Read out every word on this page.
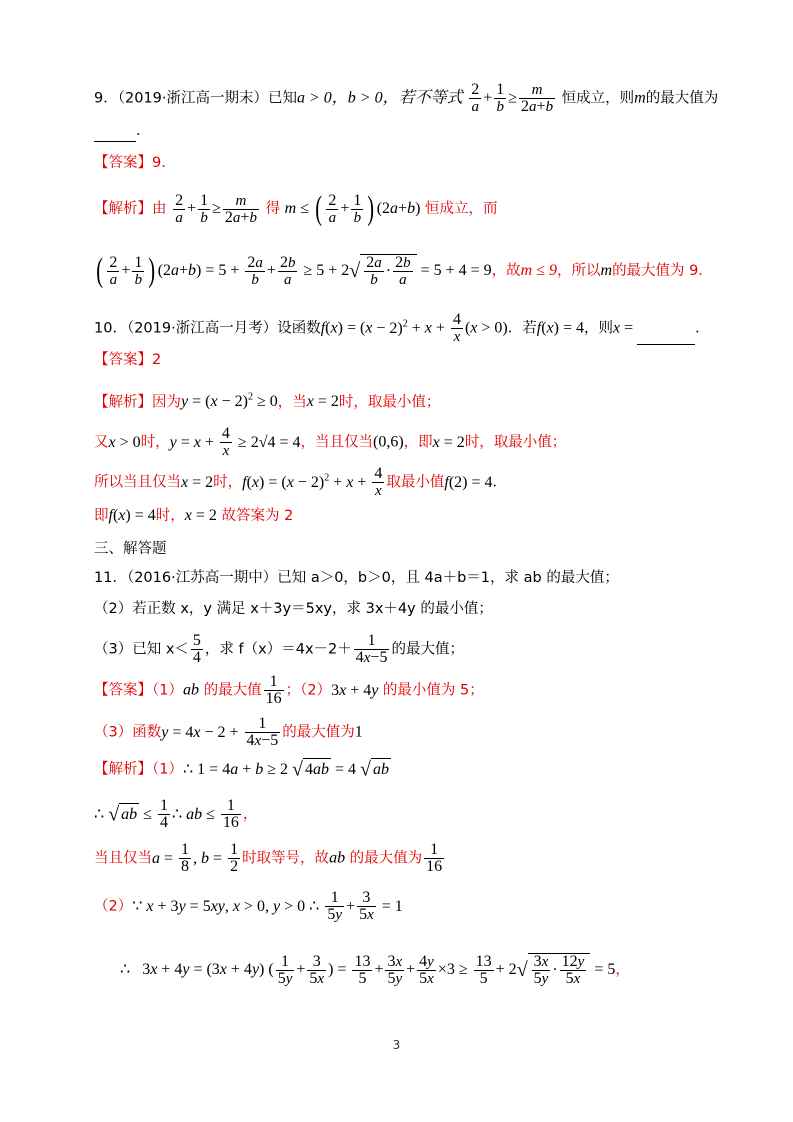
9．（2019·浙江高一期末）已知a > 0，b > 0，若不等式 $\frac{2}{a} + \frac{1}{b} \ge \frac{m}{2a+b}$ 恒成立，则m的最大值为
．
【答案】9.
【解析】由 $\frac{2}{a} + \frac{1}{b} \ge \frac{m}{2a+b}$ 得 m ≤ ( $\frac{2}{a} + \frac{1}{b}$ ) (2a+b) 恒成立，而
( $\frac{2}{a} + \frac{1}{b}$ ) $(2a+b) = 5 + \frac{2a}{b} + \frac{2b}{a} \ge 5 + 2√ \frac{2a}{b} \cdot \frac{2b}{a} = 5 + 4 = 9$，故m ≤ 9，所以m的最大值为 9．
10．（2019·浙江高一月考）设函数$f(x) = (x - 2)^2 + x + \frac{4}{x} (x > 0)$．若f(x) = 4，则x =	．
【答案】2
【解析】因为$y = (x - 2)^2 \ge 0$，当x = 2时，取最小值；
又x > 0时，$y = x + \frac{4}{x} \ge 2√4 = 4$，当且仅当(0,6)，即x = 2时，取最小值；
所以当且仅当x = 2时，$f(x) = (x - 2)^2 + x + \frac{4}{x}$ 取最小值f(2) = 4．
即f(x) = 4时，x = 2 故答案为 2
三、解答题
11．（2016·江苏高一期中）已知 a＞0，b＞0，且 4a＋b＝1，求 ab 的最大值；
（2）若正数 x，y 满足 x＋3y＝5xy，求 3x＋4y 的最小值；
（3）已知 $x< \frac{5}{4}$ ，求 $f(x)=4x-2+ \frac{1}{4x-5}$ 的最大值；
【答案】（1）ab 的最大值 $\frac{1}{16}$ ；（2）3x + 4y 的最小值为 5；
（3）函数$y = 4x - 2 + \frac{1}{4x-5}$ 的最大值为1
【解析】（1）∴ 1 = 4a + b ≥ 2 √ 4ab = 4 √ ab
∴ √ ab ≤ $\frac{1}{4}$ ∴ ab ≤ $\frac{1}{16}$ ，
当且仅当$a = \frac{1}{8}$ , $b = \frac{1}{2}$ 时取等号，故ab 的最大值为 $\frac{1}{16}$
（2）∵ x + 3y = 5xy, x > 0, y > 0 ∴ $\frac{1}{5y} + \frac{3}{5x} = 1$
∴   3x + 4y = (3x + 4y) ( $\frac{1}{5y} + \frac{3}{5x}$ ) = $\frac{13}{5} + \frac{3x}{5y} + \frac{4y}{5x} \times 3 \ge \frac{13}{5} + 2√ \frac{3x}{5y} \cdot \frac{12y}{5x} = 5$，
3
